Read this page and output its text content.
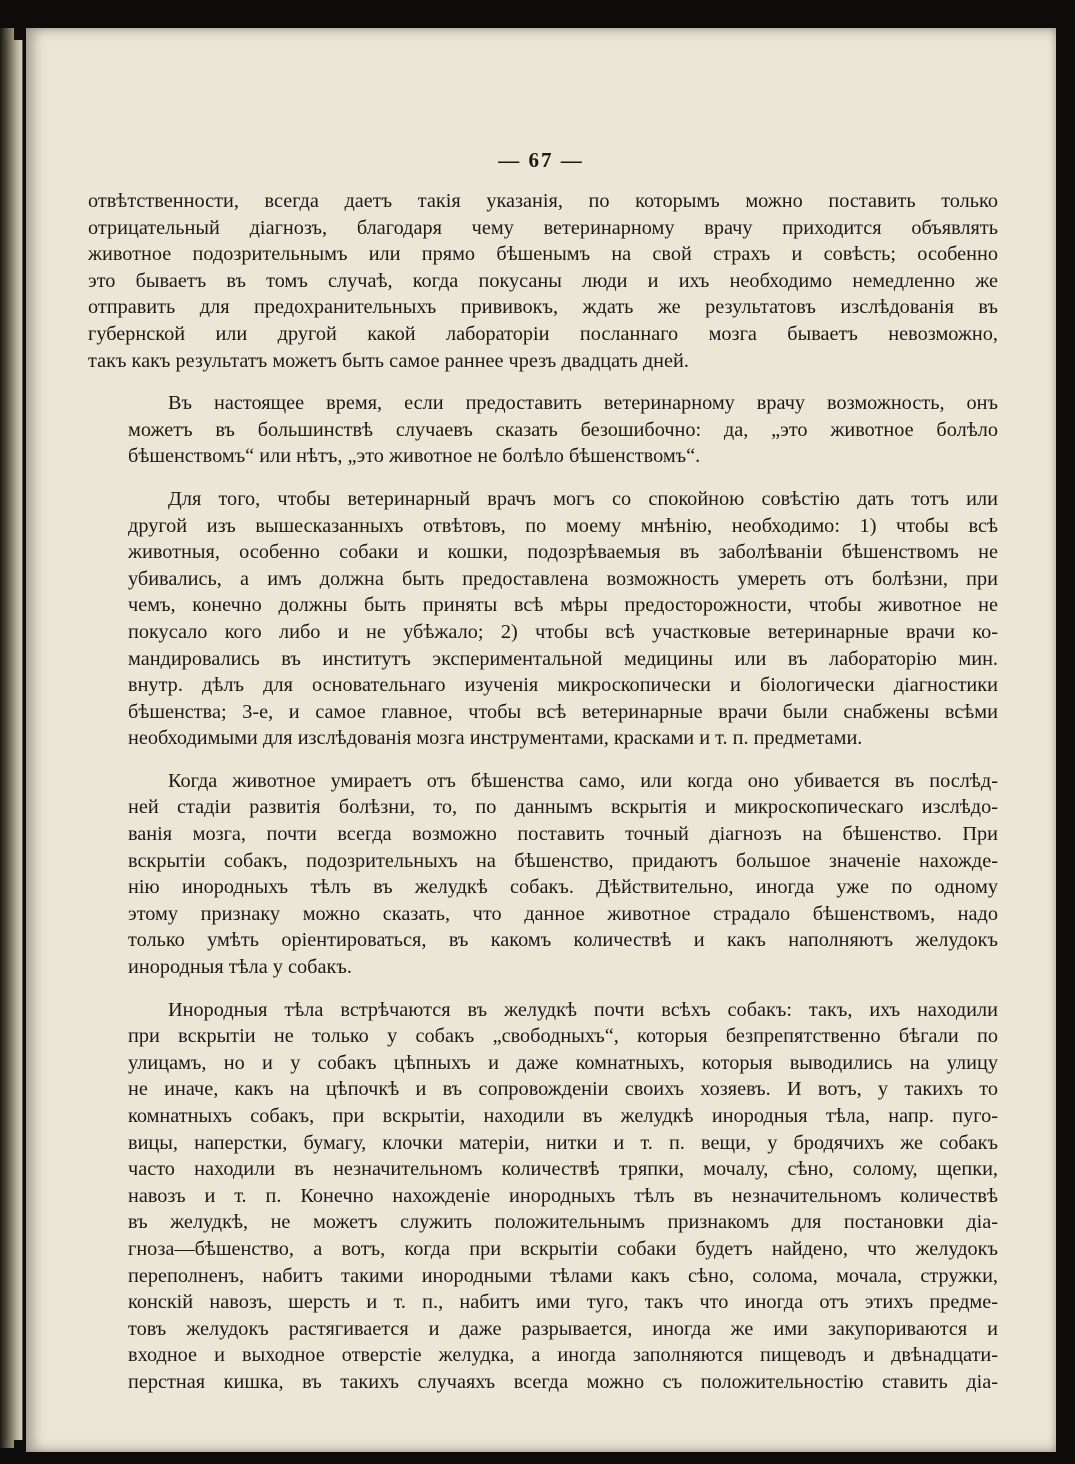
— 67 —
отвѣтственности, всегда даетъ такія указанія, по которымъ можно поставить только
отрицательный діагнозъ, благодаря чему ветеринарному врачу приходится объявлять
животное подозрительнымъ или прямо бѣшенымъ на свой страхъ и совѣсть; особенно
это бываетъ въ томъ случаѣ, когда покусаны люди и ихъ необходимо немедленно же
отправить для предохранительныхъ прививокъ, ждать же результатовъ изслѣдованія въ
губернской или другой какой лабораторіи посланнаго мозга бываетъ невозможно,
такъ какъ результатъ можетъ быть самое раннее чрезъ двадцать дней.
Въ настоящее время, если предоставить ветеринарному врачу возможность, онъ
можетъ въ большинствѣ случаевъ сказать безошибочно: да, „это животное болѣло
бѣшенствомъ“ или нѣтъ, „это животное не болѣло бѣшенствомъ“.
Для того, чтобы ветеринарный врачъ могъ со спокойною совѣстію дать тотъ или
другой изъ вышесказанныхъ отвѣтовъ, по моему мнѣнію, необходимо: 1) чтобы всѣ
животныя, особенно собаки и кошки, подозрѣваемыя въ заболѣваніи бѣшенствомъ не
убивались, а имъ должна быть предоставлена возможность умереть отъ болѣзни, при
чемъ, конечно должны быть приняты всѣ мѣры предосторожности, чтобы животное не
покусало кого либо и не убѣжало; 2) чтобы всѣ участковые ветеринарные врачи ко-
мандировались въ институтъ экспериментальной медицины или въ лабораторію мин.
внутр. дѣлъ для основательнаго изученія микроскопически и біологически діагностики
бѣшенства; 3-е, и самое главное, чтобы всѣ ветеринарные врачи были снабжены всѣми
необходимыми для изслѣдованія мозга инструментами, красками и т. п. предметами.
Когда животное умираетъ отъ бѣшенства само, или когда оно убивается въ послѣд-
ней стадіи развитія болѣзни, то, по даннымъ вскрытія и микроскопическаго изслѣдо-
ванія мозга, почти всегда возможно поставить точный діагнозъ на бѣшенство. При
вскрытіи собакъ, подозрительныхъ на бѣшенство, придаютъ большое значеніе нахожде-
нію инородныхъ тѣлъ въ желудкѣ собакъ. Дѣйствительно, иногда уже по одному
этому признаку можно сказать, что данное животное страдало бѣшенствомъ, надо
только умѣть оріентироваться, въ какомъ количествѣ и какъ наполняютъ желудокъ
инородныя тѣла у собакъ.
Инородныя тѣла встрѣчаются въ желудкѣ почти всѣхъ собакъ: такъ, ихъ находили
при вскрытіи не только у собакъ „свободныхъ“, которыя безпрепятственно бѣгали по
улицамъ, но и у собакъ цѣпныхъ и даже комнатныхъ, которыя выводились на улицу
не иначе, какъ на цѣпочкѣ и въ сопровожденіи своихъ хозяевъ. И вотъ, у такихъ то
комнатныхъ собакъ, при вскрытіи, находили въ желудкѣ инородныя тѣла, напр. пуго-
вицы, наперстки, бумагу, клочки матеріи, нитки и т. п. вещи, у бродячихъ же собакъ
часто находили въ незначительномъ количествѣ тряпки, мочалу, сѣно, солому, щепки,
навозъ и т. п. Конечно нахожденіе инородныхъ тѣлъ въ незначительномъ количествѣ
въ желудкѣ, не можетъ служить положительнымъ признакомъ для постановки діа-
гноза—бѣшенство, а вотъ, когда при вскрытіи собаки будетъ найдено, что желудокъ
переполненъ, набитъ такими инородными тѣлами какъ сѣно, солома, мочала, стружки,
конскій навозъ, шерсть и т. п., набитъ ими туго, такъ что иногда отъ этихъ предме-
товъ желудокъ растягивается и даже разрывается, иногда же ими закупориваются и
входное и выходное отверстіе желудка, а иногда заполняются пищеводъ и двѣнадцати-
перстная кишка, въ такихъ случаяхъ всегда можно съ положительностію ставить діа-
